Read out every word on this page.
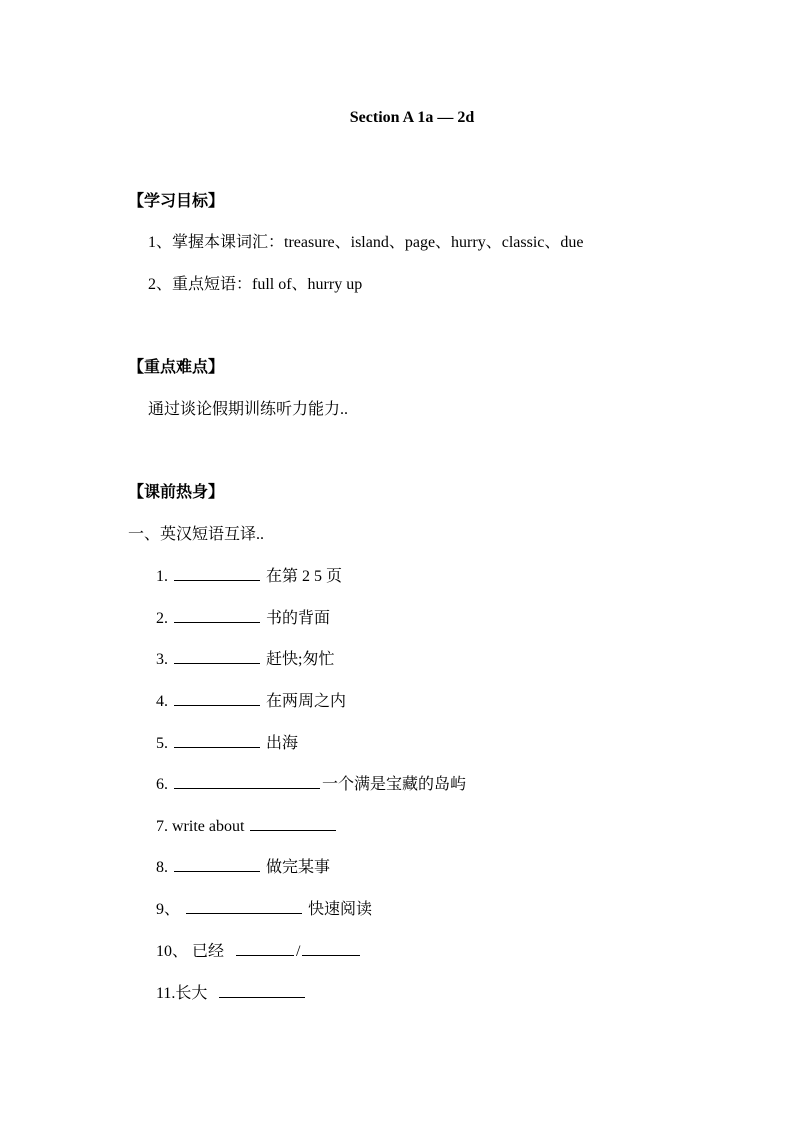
Section A 1a — 2d
【学习目标】
1、掌握本课词汇：treasure、island、page、hurry、classic、due
2、重点短语：full of、hurry up
【重点难点】
通过谈论假期训练听力能力..
【课前热身】
一、英汉短语互译..
1.	在第 2 5 页
2.	书的背面
3.	赶快;匆忙
4.	在两周之内
5.	出海
6.	一个满是宝藏的岛屿
7. write about
8.	做完某事
9、	快速阅读
10、 已经	/
11.长大
